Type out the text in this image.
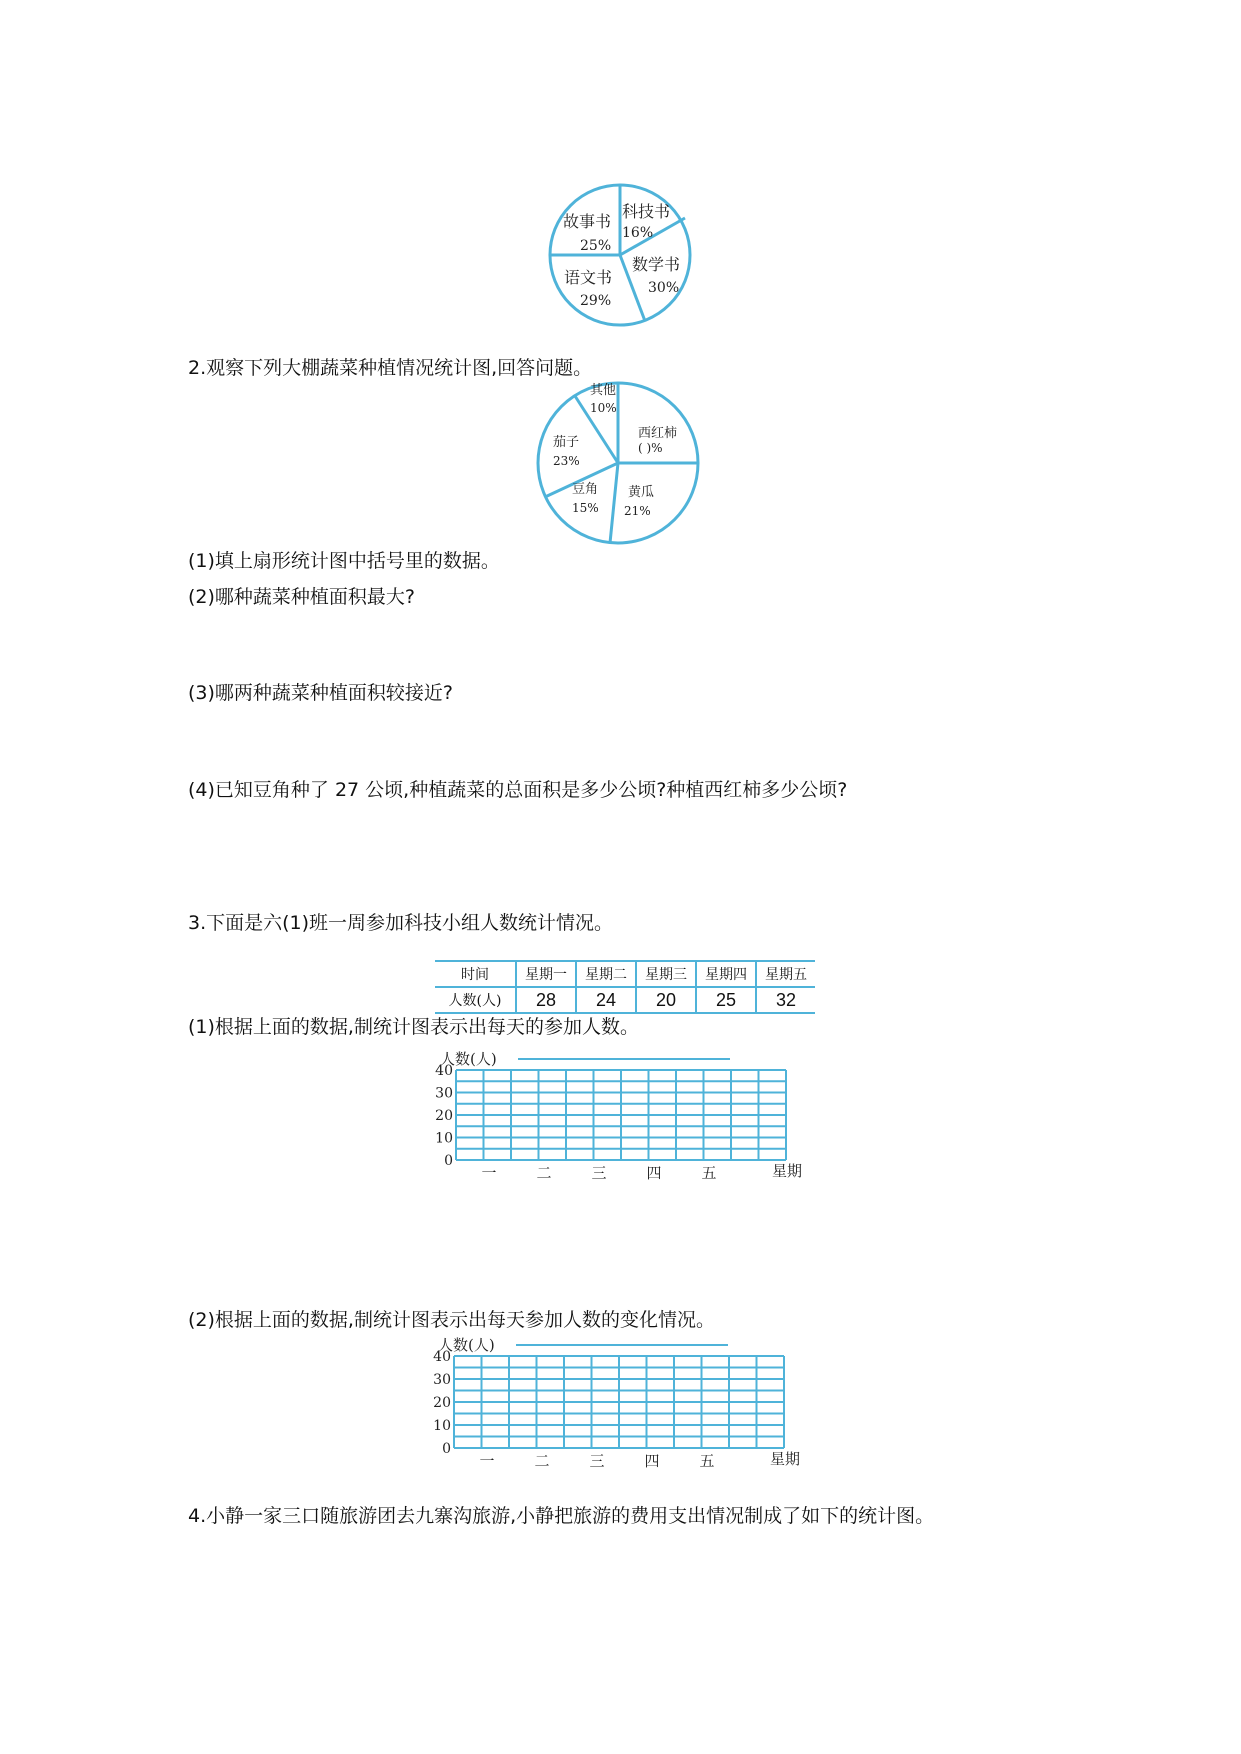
故事书
25%
科技书
16%
数学书
30%
语文书
29%
2.观察下列大棚蔬菜种植情况统计图,回答问题。
其他
10%
西红柿
( )%
黄瓜
21%
豆角
15%
茄子
23%
(1)填上扇形统计图中括号里的数据。
(2)哪种蔬菜种植面积最大?
(3)哪两种蔬菜种植面积较接近?
(4)已知豆角种了 27 公顷,种植蔬菜的总面积是多少公顷?种植西红柿多少公顷?
3.下面是六(1)班一周参加科技小组人数统计情况。
时间	星期一	星期二	星期三	星期四	星期五
人数(人)	28	24	20	25	32
(1)根据上面的数据,制统计图表示出每天的参加人数。
人数(人)
40
30
20
10
0
一	二	三	四	五	星期
(2)根据上面的数据,制统计图表示出每天参加人数的变化情况。
人数(人)
40
30
20
10
0
一	二	三	四	五	星期
4.小静一家三口随旅游团去九寨沟旅游,小静把旅游的费用支出情况制成了如下的统计图。
